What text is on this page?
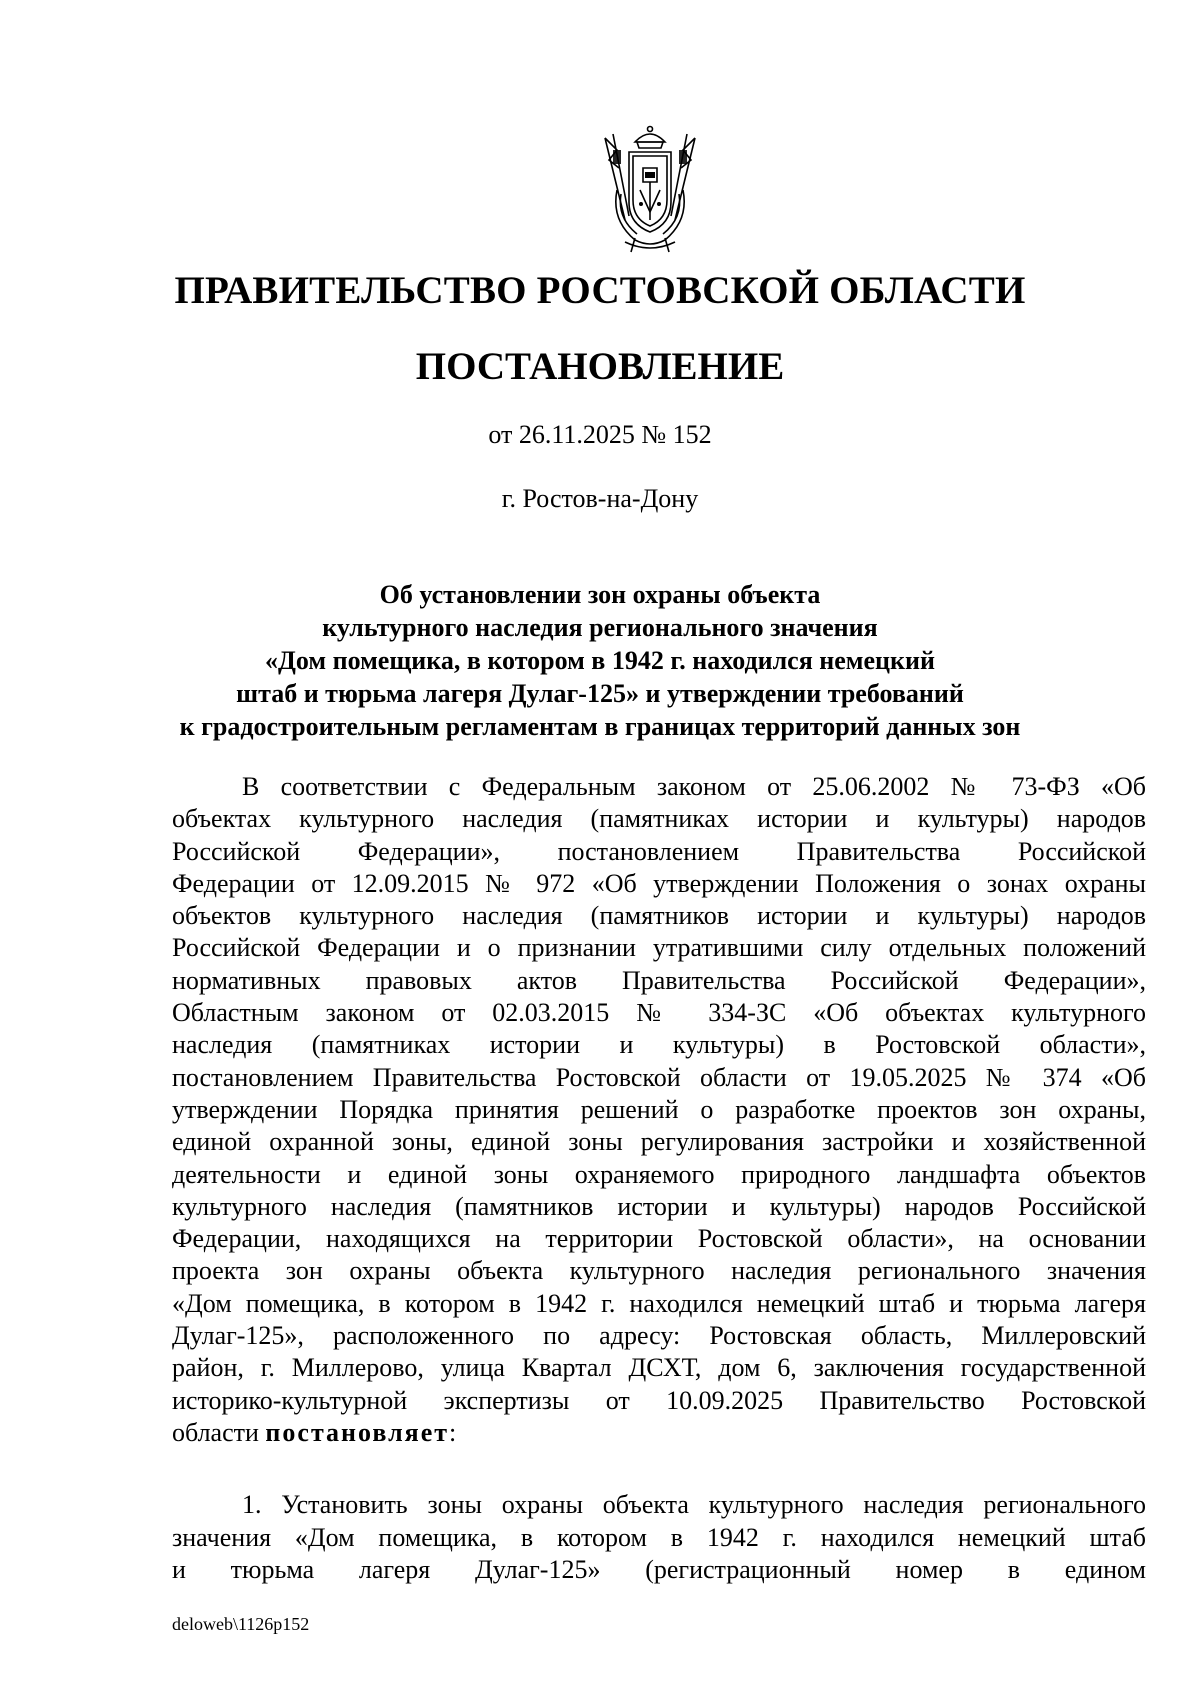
ПРАВИТЕЛЬСТВО РОСТОВСКОЙ ОБЛАСТИ
ПОСТАНОВЛЕНИЕ
от 26.11.2025 № 152
г. Ростов-на-Дону
Об установлении зон охраны объекта
культурного наследия регионального значения
«Дом помещика, в котором в 1942 г. находился немецкий
штаб и тюрьма лагеря Дулаг-125» и утверждении требований
к градостроительным регламентам в границах территорий данных зон

В соответствии с Федеральным законом от 25.06.2002 № 73-ФЗ «Об
объектах культурного наследия (памятниках истории и культуры) народов
Российской Федерации», постановлением Правительства Российской
Федерации от 12.09.2015 № 972 «Об утверждении Положения о зонах охраны
объектов культурного наследия (памятников истории и культуры) народов
Российской Федерации и о признании утратившими силу отдельных положений
нормативных правовых актов Правительства Российской Федерации»,
Областным законом от 02.03.2015 № 334-ЗС «Об объектах культурного
наследия (памятниках истории и культуры) в Ростовской области»,
постановлением Правительства Ростовской области от 19.05.2025 № 374 «Об
утверждении Порядка принятия решений о разработке проектов зон охраны,
единой охранной зоны, единой зоны регулирования застройки и хозяйственной
деятельности и единой зоны охраняемого природного ландшафта объектов
культурного наследия (памятников истории и культуры) народов Российской
Федерации, находящихся на территории Ростовской области», на основании
проекта зон охраны объекта культурного наследия регионального значения
«Дом помещика, в котором в 1942 г. находился немецкий штаб и тюрьма лагеря
Дулаг-125», расположенного по адресу: Ростовская область, Миллеровский
район, г. Миллерово, улица Квартал ДСХТ, дом 6, заключения государственной
историко-культурной экспертизы от 10.09.2025 Правительство Ростовской
области постановляет:

1. Установить зоны охраны объекта культурного наследия регионального
значения «Дом помещика, в котором в 1942 г. находился немецкий штаб
и тюрьма лагеря Дулаг-125» (регистрационный номер в едином

deloweb\1126p152
